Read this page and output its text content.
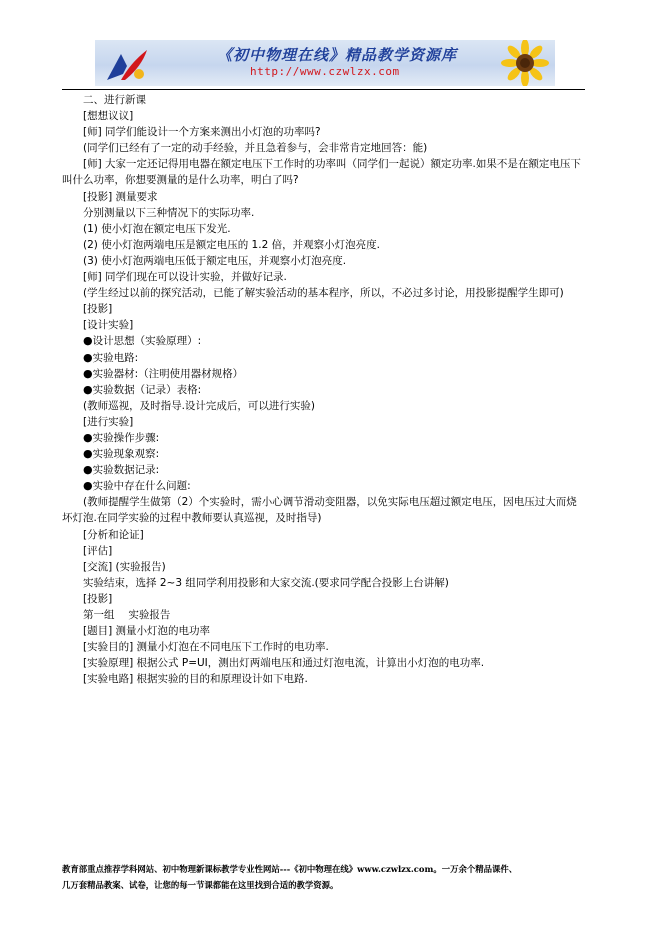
《初中物理在线》精品教学资源库
http://www.czwlzx.com

二、进行新课

[想想议议]

[师] 同学们能设计一个方案来测出小灯泡的功率吗?

(同学们已经有了一定的动手经验，并且急着参与，会非常肯定地回答：能)

[师] 大家一定还记得用电器在额定电压下工作时的功率叫（同学们一起说）额定功率.如果不是在额定电压下叫什么功率，你想要测量的是什么功率，明白了吗?

[投影] 测量要求

分别测量以下三种情况下的实际功率.

(1) 使小灯泡在额定电压下发光.

(2) 使小灯泡两端电压是额定电压的 1.2 倍，并观察小灯泡亮度.

(3) 使小灯泡两端电压低于额定电压，并观察小灯泡亮度.

[师] 同学们现在可以设计实验，并做好记录.

(学生经过以前的探究活动，已能了解实验活动的基本程序，所以，不必过多讨论，用投影提醒学生即可)

[投影]

[设计实验]

●设计思想（实验原理）:

●实验电路:

●实验器材:（注明使用器材规格）

●实验数据（记录）表格:

(教师巡视，及时指导.设计完成后，可以进行实验)

[进行实验]

●实验操作步骤:

●实验现象观察:

●实验数据记录:

●实验中存在什么问题:

(教师提醒学生做第（2）个实验时，需小心调节滑动变阻器，以免实际电压超过额定电压，因电压过大而烧坏灯泡.在同学实验的过程中教师要认真巡视，及时指导)

[分析和论证]

[评估]

[交流] (实验报告)

实验结束，选择 2~3 组同学利用投影和大家交流.(要求同学配合投影上台讲解)

[投影]

第一组　 实验报告

[题目] 测量小灯泡的电功率

[实验目的] 测量小灯泡在不同电压下工作时的电功率.

[实验原理] 根据公式 P=UI，测出灯两端电压和通过灯泡电流，计算出小灯泡的电功率.

[实验电路] 根据实验的目的和原理设计如下电路.

教育部重点推荐学科网站、初中物理新课标教学专业性网站---《初中物理在线》www.czwlzx.com。一万余个精品课件、
几万套精品教案、试卷，让您的每一节课都能在这里找到合适的教学资源。
